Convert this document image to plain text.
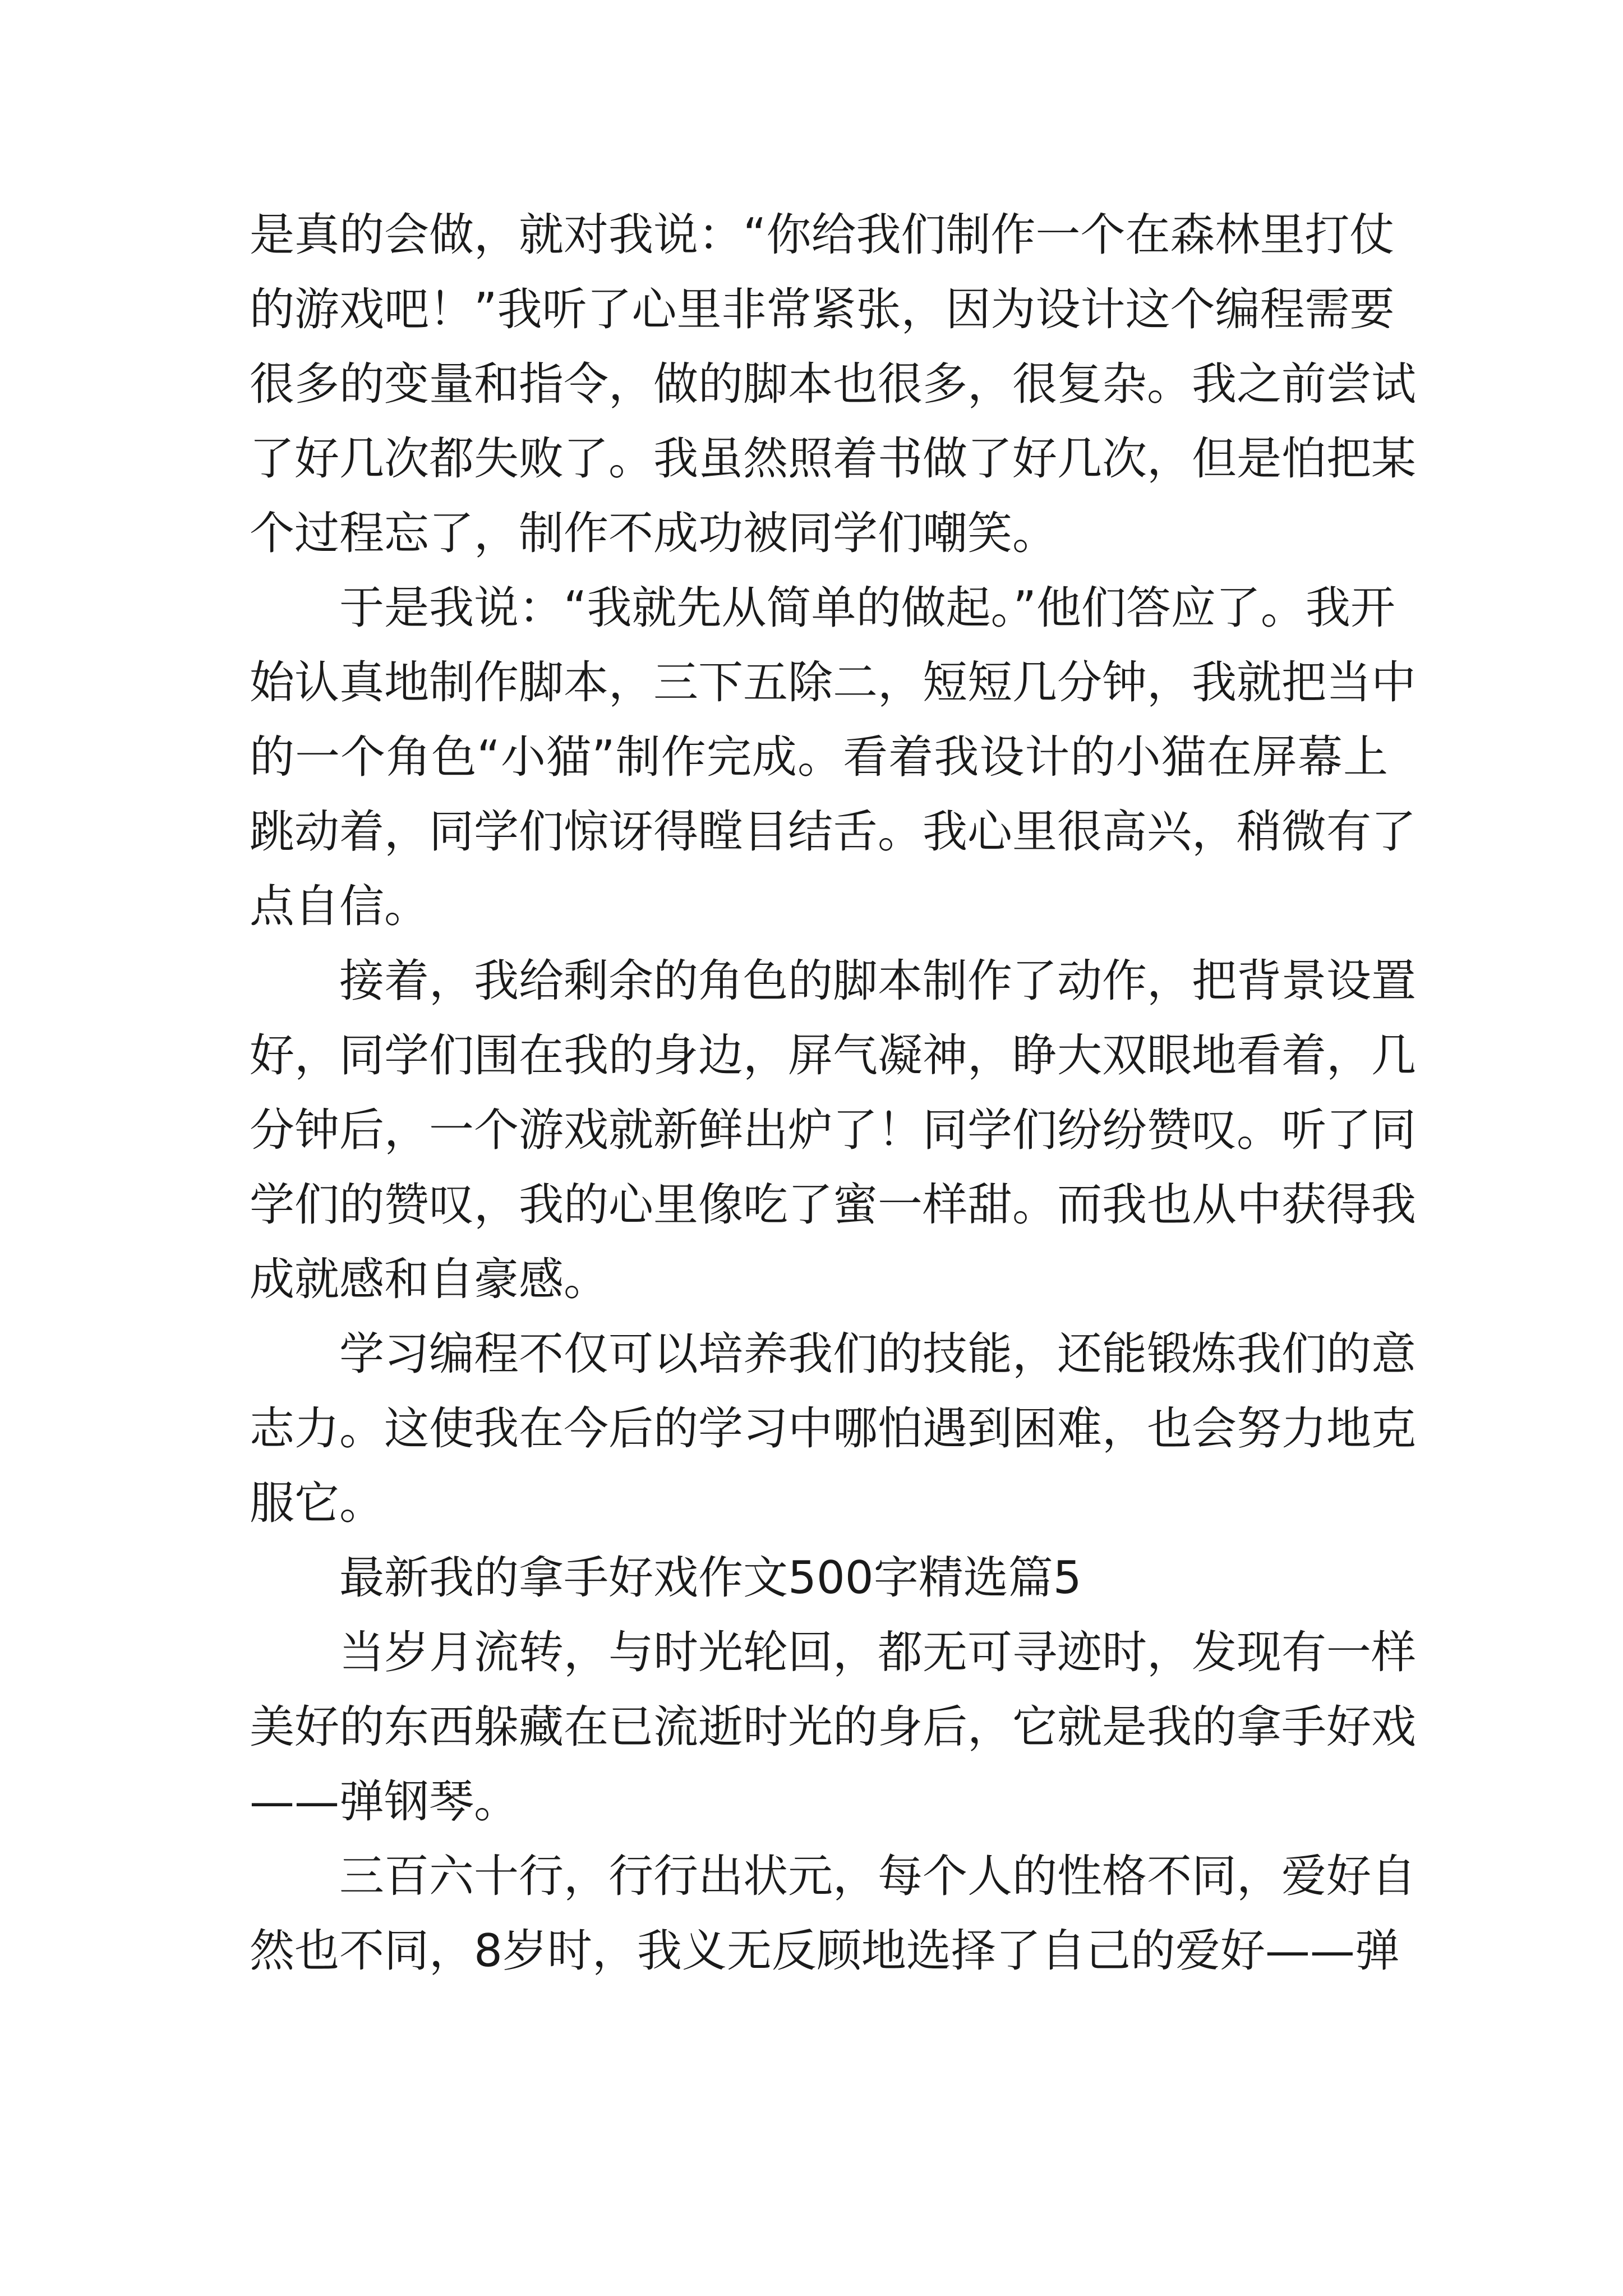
是真的会做，就对我说：“你给我们制作一个在森林里打仗
的游戏吧！”我听了心里非常紧张，因为设计这个编程需要
很多的变量和指令，做的脚本也很多，很复杂。我之前尝试
了好几次都失败了。我虽然照着书做了好几次，但是怕把某
个过程忘了，制作不成功被同学们嘲笑。
于是我说：“我就先从简单的做起。”他们答应了。我开
始认真地制作脚本，三下五除二，短短几分钟，我就把当中
的一个角色“小猫”制作完成。看着我设计的小猫在屏幕上
跳动着，同学们惊讶得瞠目结舌。我心里很高兴，稍微有了
点自信。
接着，我给剩余的角色的脚本制作了动作，把背景设置
好，同学们围在我的身边，屏气凝神，睁大双眼地看着，几
分钟后，一个游戏就新鲜出炉了！同学们纷纷赞叹。听了同
学们的赞叹，我的心里像吃了蜜一样甜。而我也从中获得我
成就感和自豪感。
学习编程不仅可以培养我们的技能，还能锻炼我们的意
志力。这使我在今后的学习中哪怕遇到困难，也会努力地克
服它。
最新我的拿手好戏作文500字精选篇5
当岁月流转，与时光轮回，都无可寻迹时，发现有一样
美好的东西躲藏在已流逝时光的身后，它就是我的拿手好戏
——弹钢琴。
三百六十行，行行出状元，每个人的性格不同，爱好自
然也不同，8岁时，我义无反顾地选择了自己的爱好——弹
